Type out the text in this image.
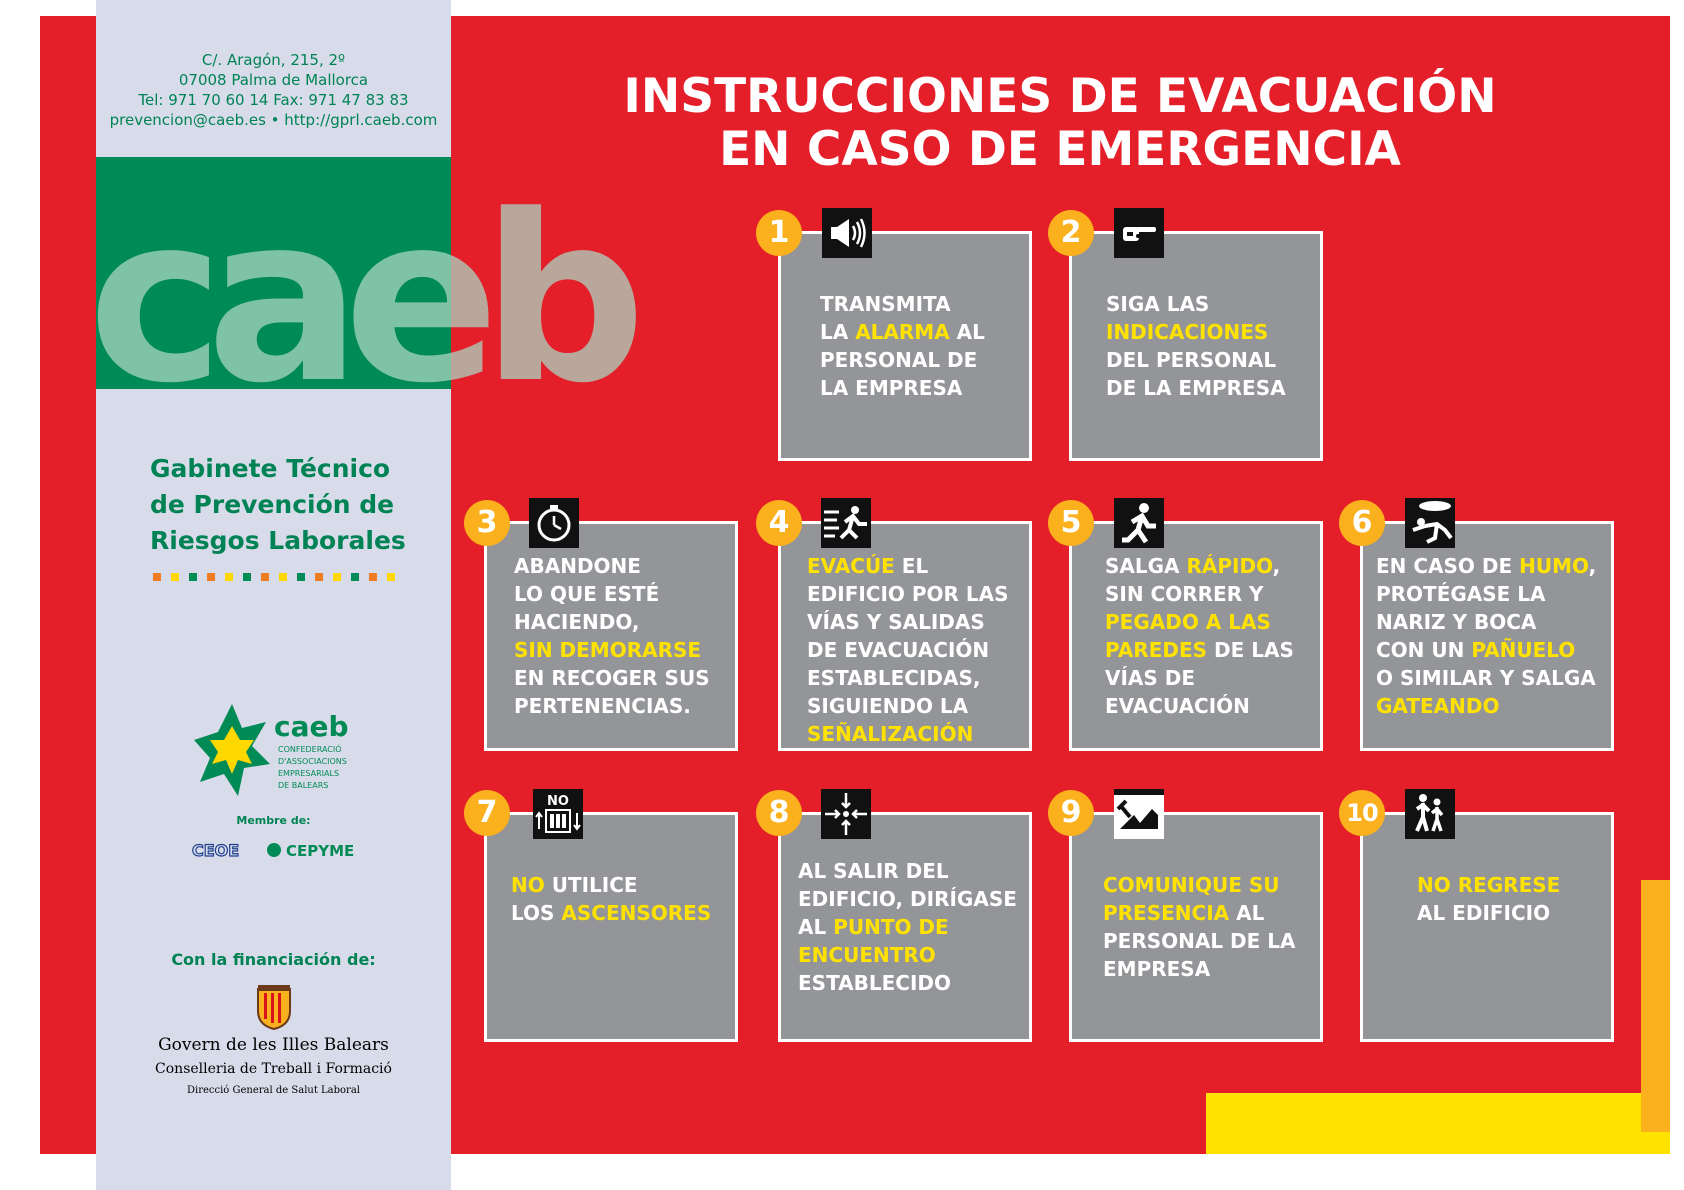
C/. Aragón, 215, 2º
07008 Palma de Mallorca
Tel: 971 70 60 14 Fax: 971 47 83 83
prevencion@caeb.es • http://gprl.caeb.com
caeb
Gabinete Técnico
de Prevención de
Riesgos Laborales
caeb
CONFEDERACIÓ
D'ASSOCIACIONS
EMPRESARIALS
DE BALEARS
Membre de:
CEOE	CEPYME
Con la financiación de:
Govern de les Illes Balears
Conselleria de Treball i Formació
Direcció General de Salut Laboral
INSTRUCCIONES DE EVACUACIÓN
EN CASO DE EMERGENCIA
1
TRANSMITA
LA ALARMA AL
PERSONAL DE
LA EMPRESA
2
SIGA LAS
INDICACIONES
DEL PERSONAL
DE LA EMPRESA
3
ABANDONE
LO QUE ESTÉ
HACIENDO,
SIN DEMORARSE
EN RECOGER SUS
PERTENENCIAS.
4
EVACÚE EL
EDIFICIO POR LAS
VÍAS Y SALIDAS
DE EVACUACIÓN
ESTABLECIDAS,
SIGUIENDO LA
SEÑALIZACIÓN
5
SALGA RÁPIDO,
SIN CORRER Y
PEGADO A LAS
PAREDES DE LAS
VÍAS DE
EVACUACIÓN
6
EN CASO DE HUMO,
PROTÉGASE LA
NARIZ Y BOCA
CON UN PAÑUELO
O SIMILAR Y SALGA
GATEANDO
7	NO
NO UTILICE
LOS ASCENSORES
8
AL SALIR DEL
EDIFICIO, DIRÍGASE
AL PUNTO DE
ENCUENTRO
ESTABLECIDO
9
COMUNIQUE SU
PRESENCIA AL
PERSONAL DE LA
EMPRESA
10
NO REGRESE
AL EDIFICIO
